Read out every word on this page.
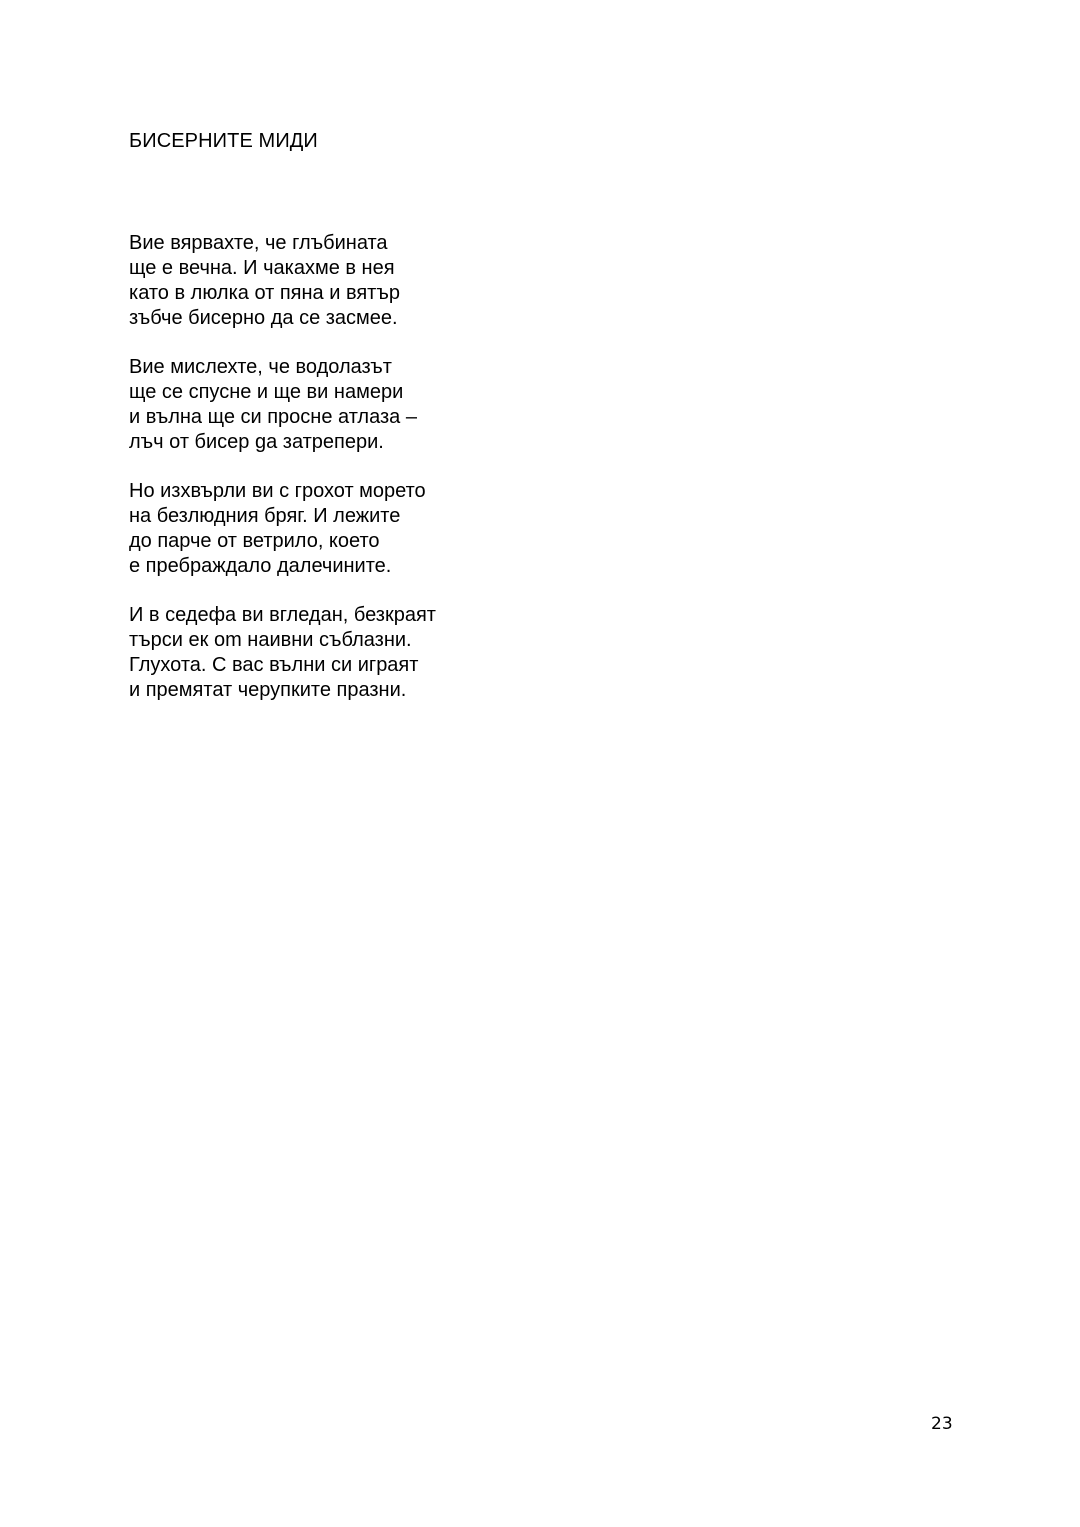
БИСЕРНИТЕ МИДИ
Вие вярвахте, че глъбината
ще е вечна. И чакахме в нея
като в люлка от пяна и вятър
зъбче бисерно да се засмее.
Вие мислехте, че водолазът
ще се спусне и ще ви намери
и вълна ще си просне атлаза –
лъч от бисер gа затрепери.
Но изхвърли ви с грохот морето
на безлюдния бряг. И лежите
до парче от ветрило, което
е пребраждало далечините.
И в седефа ви вгледан, безкраят
търси ек оm наивни съблазни.
Глухота. С вас вълни си играят
и премятат черупките празни.
23
